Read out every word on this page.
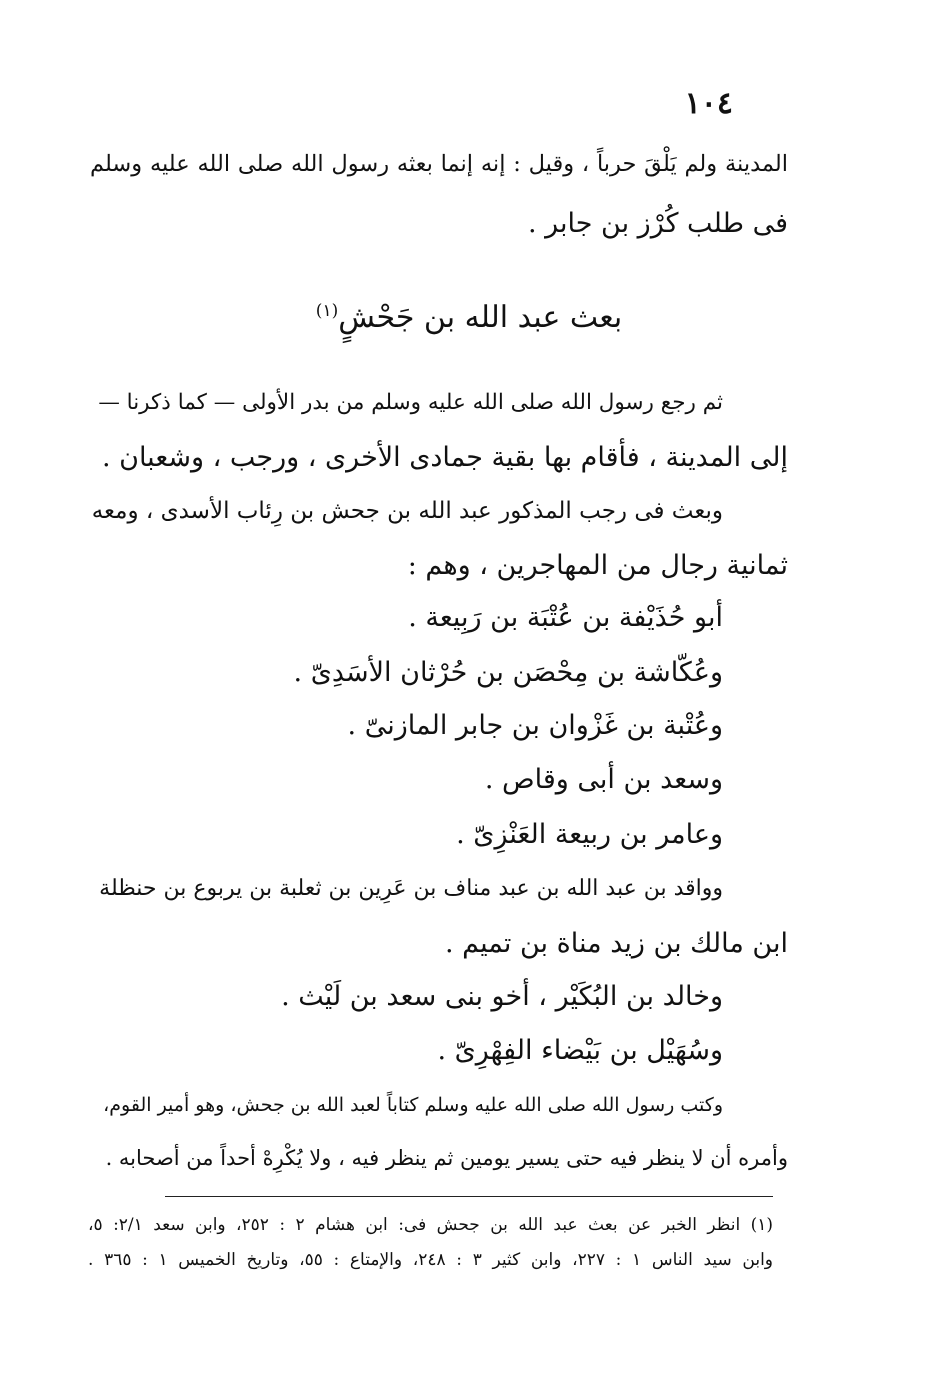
١٠٤
المدينة ولم يَلْقَ حرباً ، وقيل : إنه إنما بعثه رسول الله صلى الله عليه وسلم
فى طلب كُرْز بن جابر .
بعث عبد الله بن جَحْشٍ$^{(١)}$
ثم رجع رسول الله صلى الله عليه وسلم من بدر الأولى — كما ذكرنا —
إلى المدينة ، فأقام بها بقية جمادى الأخرى ، ورجب ، وشعبان .
وبعث فى رجب المذكور عبد الله بن جحش بن رِئاب الأسدى ، ومعه
ثمانية رجال من المهاجرين ، وهم :
أبو حُذَيْفة بن عُتْبَة بن رَبِيعة .
وعُكّاشة بن مِحْصَن بن حُرْثان الأسَدِىّ .
وعُتْبة بن غَزْوان بن جابر المازنىّ .
وسعد بن أبى وقاص .
وعامر بن ربيعة العَنْزِىّ .
وواقد بن عبد الله بن عبد مناف بن عَرِين بن ثعلبة بن يربوع بن حنظلة
ابن مالك بن زيد مناة بن تميم .
وخالد بن البُكَيْر ، أخو بنى سعد بن لَيْث .
وسُهَيْل بن بَيْضاء الفِهْرِىّ .
وكتب رسول الله صلى الله عليه وسلم كتاباً لعبد الله بن جحش، وهو أمير القوم،
وأمره أن لا ينظر فيه حتى يسير يومين ثم ينظر فيه ، ولا يُكْرِهْ أحداً من أصحابه .
(١) انظر الخبر عن بعث عبد الله بن جحش فى: ابن هشام ٢ : ٢٥٢، وابن سعد ٢/١: ٥،
وابن سيد الناس ١ : ٢٢٧، وابن كثير ٣ : ٢٤٨، والإمتاع : ٥٥، وتاريخ الخميس ١ : ٣٦٥ .
